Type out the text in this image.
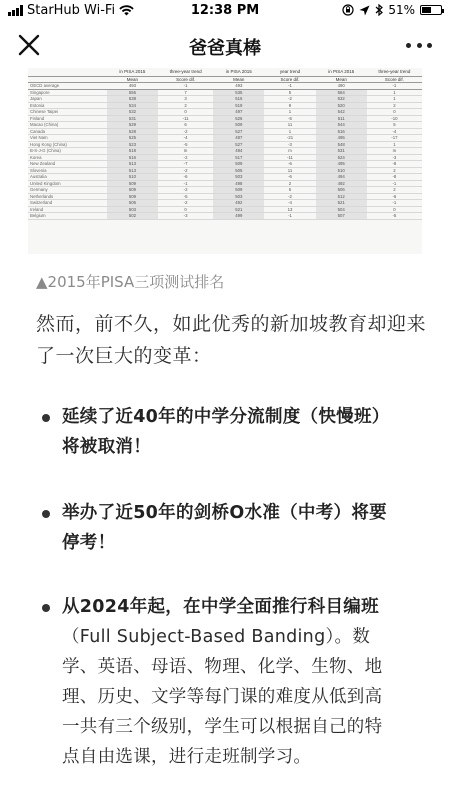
StarHub Wi-Fi	12:38 PM	51%
爸爸真棒
	in PISA 2015	three-year trend	in PISA 2015	year trend	in PISA 2015	three-year trend
	Mean	Score dif.	Mean	Score dif.	Mean	Score dif.
OECD average	493	-1	493	-1	490	-1
Singapore	556	7	535	5	564	1
Japan	538	3	516	-2	532	1
Estonia	534	2	519	9	520	2
Chinese Taipei	532	0	497	1	542	0
Finland	531	-11	526	-5	511	-10
Macao (China)	529	6	509	11	544	5
Canada	528	-2	527	1	516	-4
Viet Nam	525	-4	487	-21	495	-17
Hong Kong (China)	523	-5	527	-3	548	1
B-S-J-G (China)	518	m	494	m	531	m
Korea	516	-2	517	-11	524	-3
New Zealand	513	-7	509	-6	495	-8
Slovenia	513	-2	505	11	510	2
Australia	510	-6	503	-6	494	-8
United Kingdom	509	-1	498	2	492	-1
Germany	509	-2	509	6	506	2
Netherlands	509	-5	503	-2	512	-6
Switzerland	506	-2	492	-4	521	-1
Ireland	503	0	521	13	504	0
Belgium	502	-3	499	-1	507	-5
▲2015年PISA三项测试排名
然而，前不久，如此优秀的新加坡教育却迎来
了一次巨大的变革：
延续了近40年的中学分流制度（快慢班）
将被取消！
举办了近50年的剑桥O水准（中考）将要
停考！
从2024年起，在中学全面推行科目编班
（Full Subject-Based Banding）。数
学、英语、母语、物理、化学、生物、地
理、历史、文学等每门课的难度从低到高
一共有三个级别，学生可以根据自己的特
点自由选课，进行走班制学习。
